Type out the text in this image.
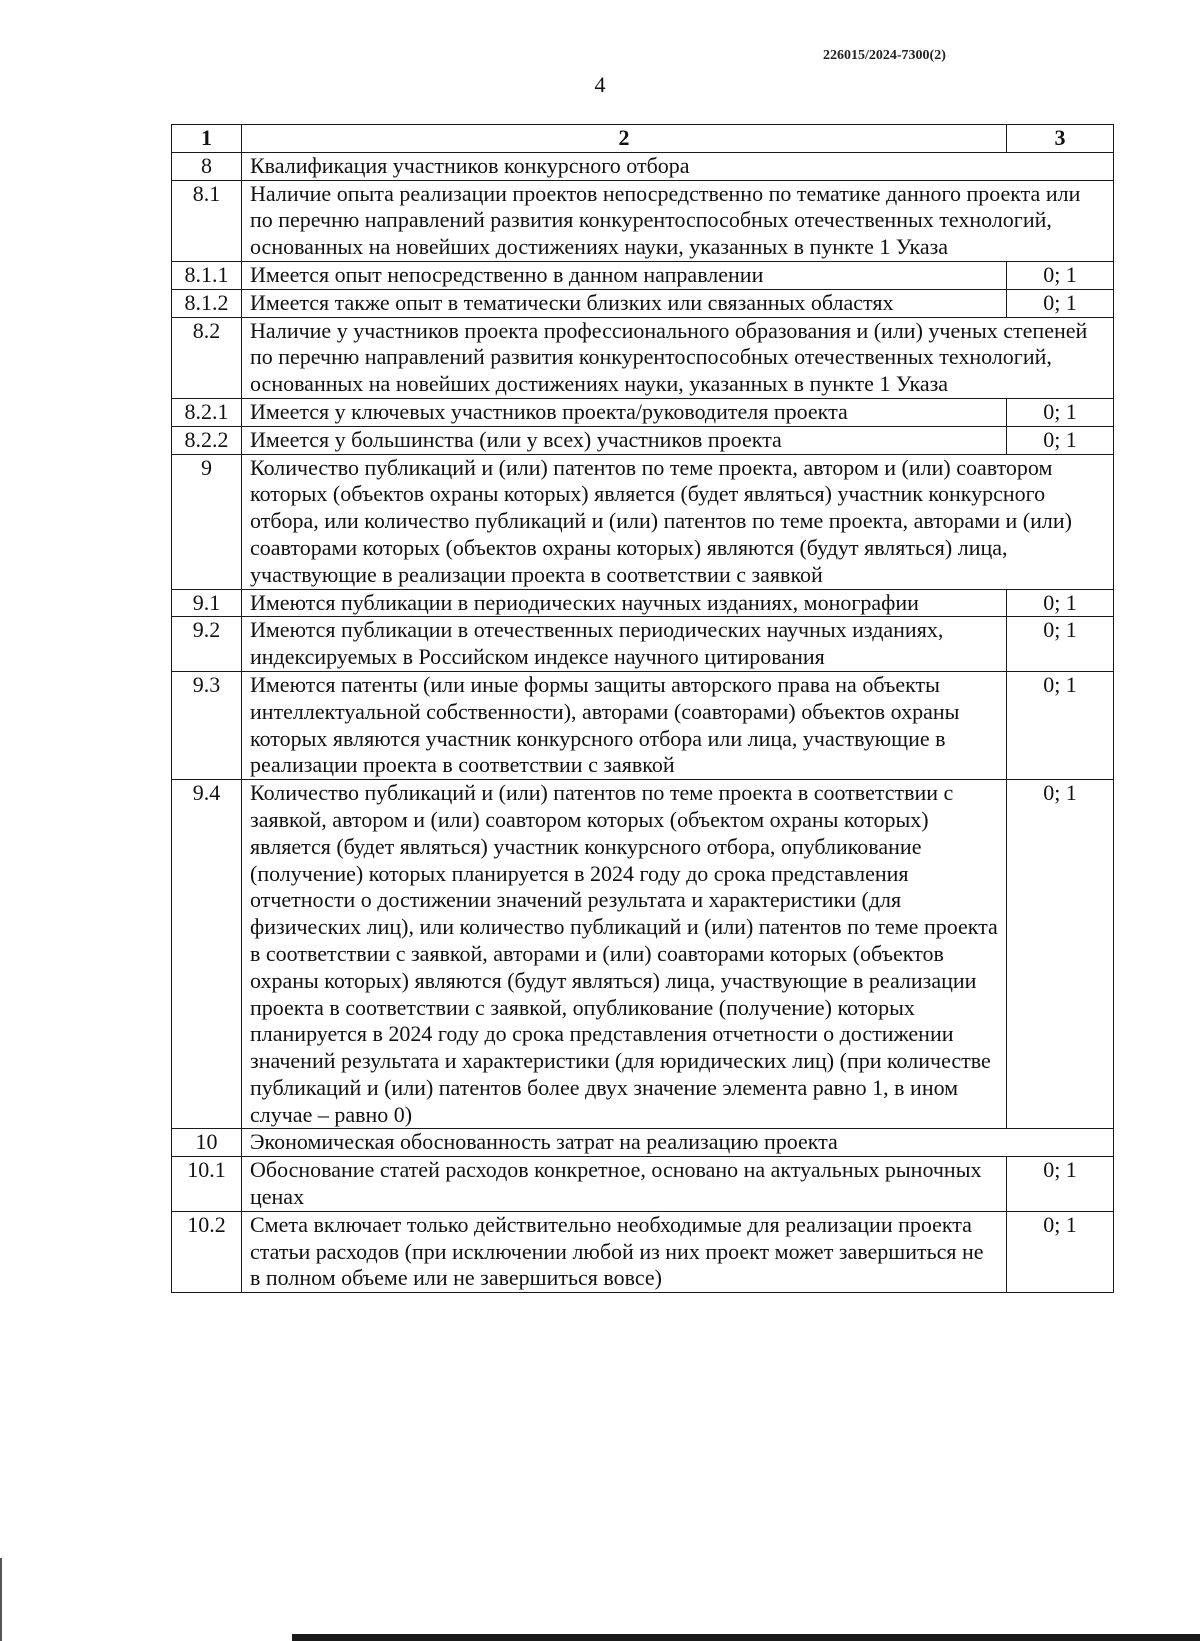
226015/2024-7300(2)
4
1	2	3
8	Квалификация участников конкурсного отбора	
8.1	Наличие опыта реализации проектов непосредственно по тематике данного проекта или по перечню направлений развития конкурентоспособных отечественных технологий, основанных на новейших достижениях науки, указанных в пункте 1 Указа	
8.1.1	Имеется опыт непосредственно в данном направлении	0; 1
8.1.2	Имеется также опыт в тематически близких или связанных областях	0; 1
8.2	Наличие у участников проекта профессионального образования и (или) ученых степеней по перечню направлений развития конкурентоспособных отечественных технологий, основанных на новейших достижениях науки, указанных в пункте 1 Указа	
8.2.1	Имеется у ключевых участников проекта/руководителя проекта	0; 1
8.2.2	Имеется у большинства (или у всех) участников проекта	0; 1
9	Количество публикаций и (или) патентов по теме проекта, автором и (или) соавтором которых (объектов охраны которых) является (будет являться) участник конкурсного отбора, или количество публикаций и (или) патентов по теме проекта, авторами и (или) соавторами которых (объектов охраны которых) являются (будут являться) лица, участвующие в реализации проекта в соответствии с заявкой	
9.1	Имеются публикации в периодических научных изданиях, монографии	0; 1
9.2	Имеются публикации в отечественных периодических научных изданиях, индексируемых в Российском индексе научного цитирования	0; 1
9.3	Имеются патенты (или иные формы защиты авторского права на объекты интеллектуальной собственности), авторами (соавторами) объектов охраны которых являются участник конкурсного отбора или лица, участвующие в реализации проекта в соответствии с заявкой	0; 1
9.4	Количество публикаций и (или) патентов по теме проекта в соответствии с заявкой, автором и (или) соавтором которых (объектом охраны которых) является (будет являться) участник конкурсного отбора, опубликование (получение) которых планируется в 2024 году до срока представления отчетности о достижении значений результата и характеристики (для физических лиц), или количество публикаций и (или) патентов по теме проекта в соответствии с заявкой, авторами и (или) соавторами которых (объектов охраны которых) являются (будут являться) лица, участвующие в реализации проекта в соответствии с заявкой, опубликование (получение) которых планируется в 2024 году до срока представления отчетности о достижении значений результата и характеристики (для юридических лиц) (при количестве публикаций и (или) патентов более двух значение элемента равно 1, в ином случае – равно 0)	0; 1
10	Экономическая обоснованность затрат на реализацию проекта	
10.1	Обоснование статей расходов конкретное, основано на актуальных рыночных ценах	0; 1
10.2	Смета включает только действительно необходимые для реализации проекта статьи расходов (при исключении любой из них проект может завершиться не в полном объеме или не завершиться вовсе)	0; 1
